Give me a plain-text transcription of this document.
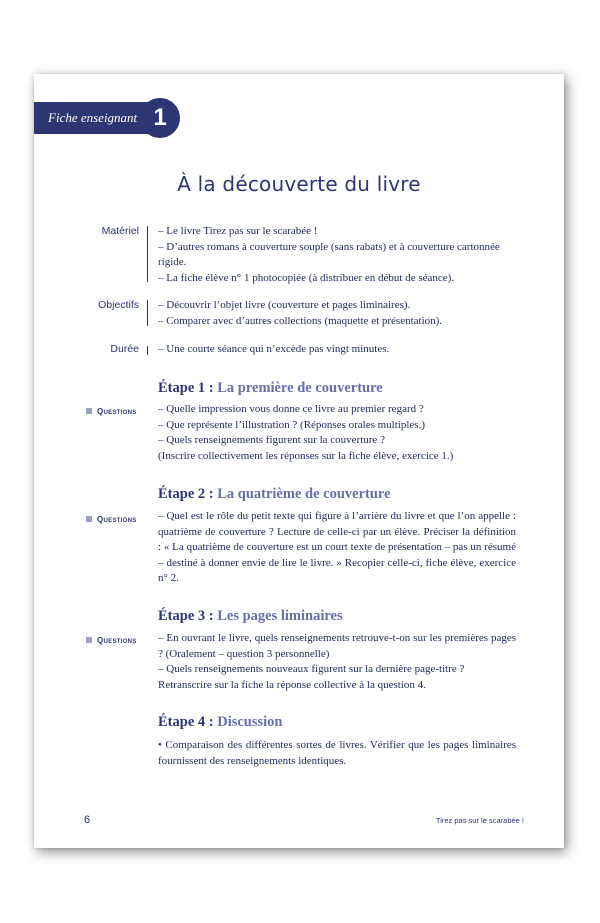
Fiche enseignant 1
À la découverte du livre
Matériel – Le livre Tirez pas sur le scarabée !

– D’autres romans à couverture souple (sans rabats) et à couverture cartonnée rigide.

– La fiche élève n° 1 photocopiée (à distribuer en début de séance).

Objectifs – Découvrir l’objet livre (couverture et pages liminaires).

– Comparer avec d’autres collections (maquette et présentation).

Durée – Une courte séance qui n’excède pas vingt minutes.

Étape 1 : La première de couverture
Questions – Quelle impression vous donne ce livre au premier regard ?

– Que représente l’illustration ? (Réponses orales multiples.)

– Quels renseignements figurent sur la couverture ?

(Inscrire collectivement les réponses sur la fiche élève, exercice 1.)

Étape 2 : La quatrième de couverture
Questions – Quel est le rôle du petit texte qui figure à l’arrière du livre et que l’on appelle : quatrième de couverture ? Lecture de celle-ci par un élève. Préciser la définition : « La quatrième de couverture est un court texte de présentation – pas un résumé – destiné à donner envie de lire le livre. » Recopier celle-ci, fiche élève, exercice n° 2.

Étape 3 : Les pages liminaires
Questions – En ouvrant le livre, quels renseignements retrouve-t-on sur les premières pages ? (Oralement – question 3 personnelle)

– Quels renseignements nouveaux figurent sur la dernière page-titre ?

Retranscrire sur la fiche la réponse collective à la question 4.

Étape 4 : Discussion

• Comparaison des différentes sortes de livres. Vérifier que les pages liminaires fournissent des renseignements identiques.

6	Tirez pas sur le scarabée !
